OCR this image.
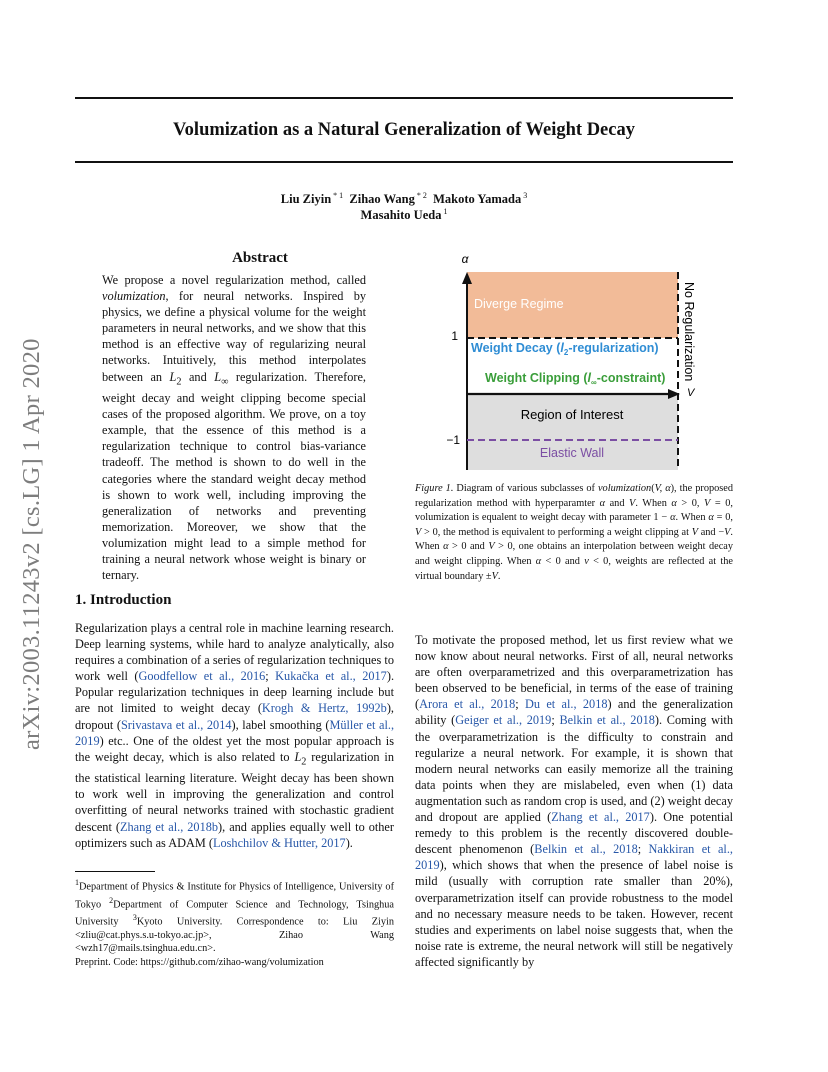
Volumization as a Natural Generalization of Weight Decay
Liu Ziyin $^{* 1}$ Zihao Wang $^{* 2}$ Makoto Yamada $^3$
Masahito Ueda $^1$
arXiv:2003.11243v2 [cs.LG] 1 Apr 2020
Abstract
We propose a novel regularization method, called volumization, for neural networks. Inspired by physics, we define a physical volume for the weight parameters in neural networks, and we show that this method is an effective way of regularizing neural networks. Intuitively, this method interpolates between an $L_2$ and $L_\infty$ regularization. Therefore, weight decay and weight clipping become special cases of the proposed algorithm. We prove, on a toy example, that the essence of this method is a regularization technique to control bias-variance tradeoff. The method is shown to do well in the categories where the standard weight decay method is shown to work well, including improving the generalization of networks and preventing memorization. Moreover, we show that the volumization might lead to a simple method for training a neural network whose weight is binary or ternary.
1. Introduction
Regularization plays a central role in machine learning research. Deep learning systems, while hard to analyze analytically, also requires a combination of a series of regularization techniques to work well (Goodfellow et al., 2016; Kukačka et al., 2017). Popular regularization techniques in deep learning include but are not limited to weight decay (Krogh & Hertz, 1992b), dropout (Srivastava et al., 2014), label smoothing (Müller et al., 2019) etc.. One of the oldest yet the most popular approach is the weight decay, which is also related to $L_2$ regularization in the statistical learning literature. Weight decay has been shown to work well in improving the generalization and control overfitting of neural networks trained with stochastic gradient descent (Zhang et al., 2018b), and applies equally well to other optimizers such as ADAM (Loshchilov & Hutter, 2017).
$^1$Department of Physics & Institute for Physics of Intelligence, University of Tokyo $^2$Department of Computer Science and Technology, Tsinghua University $^3$Kyoto University. Correspondence to: Liu Ziyin <zliu@cat.phys.s.u-tokyo.ac.jp>, Zihao Wang <wzh17@mails.tsinghua.edu.cn>.
Preprint. Code: https://github.com/zihao-wang/volumization
α
1
−1
V
Diverge Regime
Weight Decay $(l_2-regularization)$
Weight Clipping $(l_\infty-constraint)$
Region of Interest
Elastic Wall
No Regularization
Figure 1. Diagram of various subclasses of volumization(V, α), the proposed regularization method with hyperparamter α and V. When α > 0, V = 0, volumization is equalent to weight decay with parameter 1 − α. When α = 0, V > 0, the method is equivalent to performing a weight clipping at V and −V. When α > 0 and V > 0, one obtains an interpolation between weight decay and weight clipping. When α < 0 and v < 0, weights are reflected at the virtual boundary ±V.
To motivate the proposed method, let us first review what we now know about neural networks. First of all, neural networks are often overparametrized and this overparametrization has been observed to be beneficial, in terms of the ease of training (Arora et al., 2018; Du et al., 2018) and the generalization ability (Geiger et al., 2019; Belkin et al., 2018). Coming with the overparametrization is the difficulty to constrain and regularize a neural network. For example, it is shown that modern neural networks can easily memorize all the training data points when they are mislabeled, even when (1) data augmentation such as random crop is used, and (2) weight decay and dropout are applied (Zhang et al., 2017). One potential remedy to this problem is the recently discovered double-descent phenomenon (Belkin et al., 2018; Nakkiran et al., 2019), which shows that when the presence of label noise is mild (usually with corruption rate smaller than 20%), overparametrization itself can provide robustness to the model and no necessary measure needs to be taken. However, recent studies and experiments on label noise suggests that, when the noise rate is extreme, the neural network will still be negatively affected significantly by
